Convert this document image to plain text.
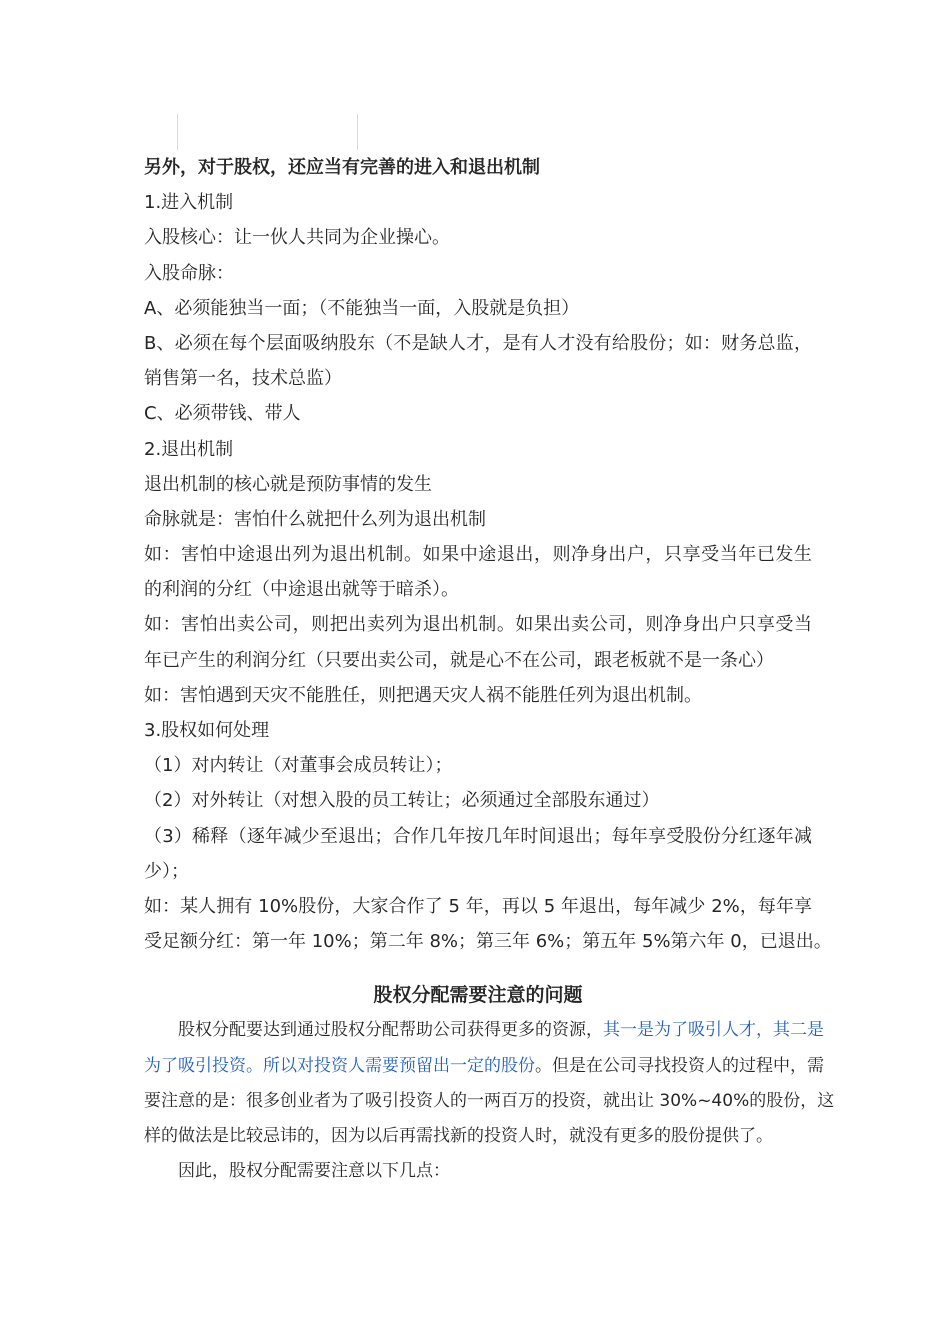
另外，对于股权，还应当有完善的进入和退出机制
1.进入机制
入股核心：让一伙人共同为企业操心。
入股命脉：
A、必须能独当一面；（不能独当一面，入股就是负担）
B、必须在每个层面吸纳股东（不是缺人才，是有人才没有给股份；如：财务总监，
销售第一名，技术总监）
C、必须带钱、带人
2.退出机制
退出机制的核心就是预防事情的发生
命脉就是：害怕什么就把什么列为退出机制
如：害怕中途退出列为退出机制。如果中途退出，则净身出户，只享受当年已发生
的利润的分红（中途退出就等于暗杀）。
如：害怕出卖公司，则把出卖列为退出机制。如果出卖公司，则净身出户只享受当
年已产生的利润分红（只要出卖公司，就是心不在公司，跟老板就不是一条心）
如：害怕遇到天灾不能胜任，则把遇天灾人祸不能胜任列为退出机制。
3.股权如何处理
（1）对内转让（对董事会成员转让）；
（2）对外转让（对想入股的员工转让；必须通过全部股东通过）
（3）稀释（逐年减少至退出；合作几年按几年时间退出；每年享受股份分红逐年减
少）；
如：某人拥有 10%股份，大家合作了 5 年，再以 5 年退出，每年减少 2%，每年享
受足额分红：第一年 10%；第二年 8%；第三年 6%；第五年 5%第六年 0，已退出。
股权分配需要注意的问题
股权分配要达到通过股权分配帮助公司获得更多的资源，其一是为了吸引人才，其二是
为了吸引投资。所以对投资人需要预留出一定的股份。但是在公司寻找投资人的过程中，需
要注意的是：很多创业者为了吸引投资人的一两百万的投资，就出让 30%~40%的股份，这
样的做法是比较忌讳的，因为以后再需找新的投资人时，就没有更多的股份提供了。
因此，股权分配需要注意以下几点：
